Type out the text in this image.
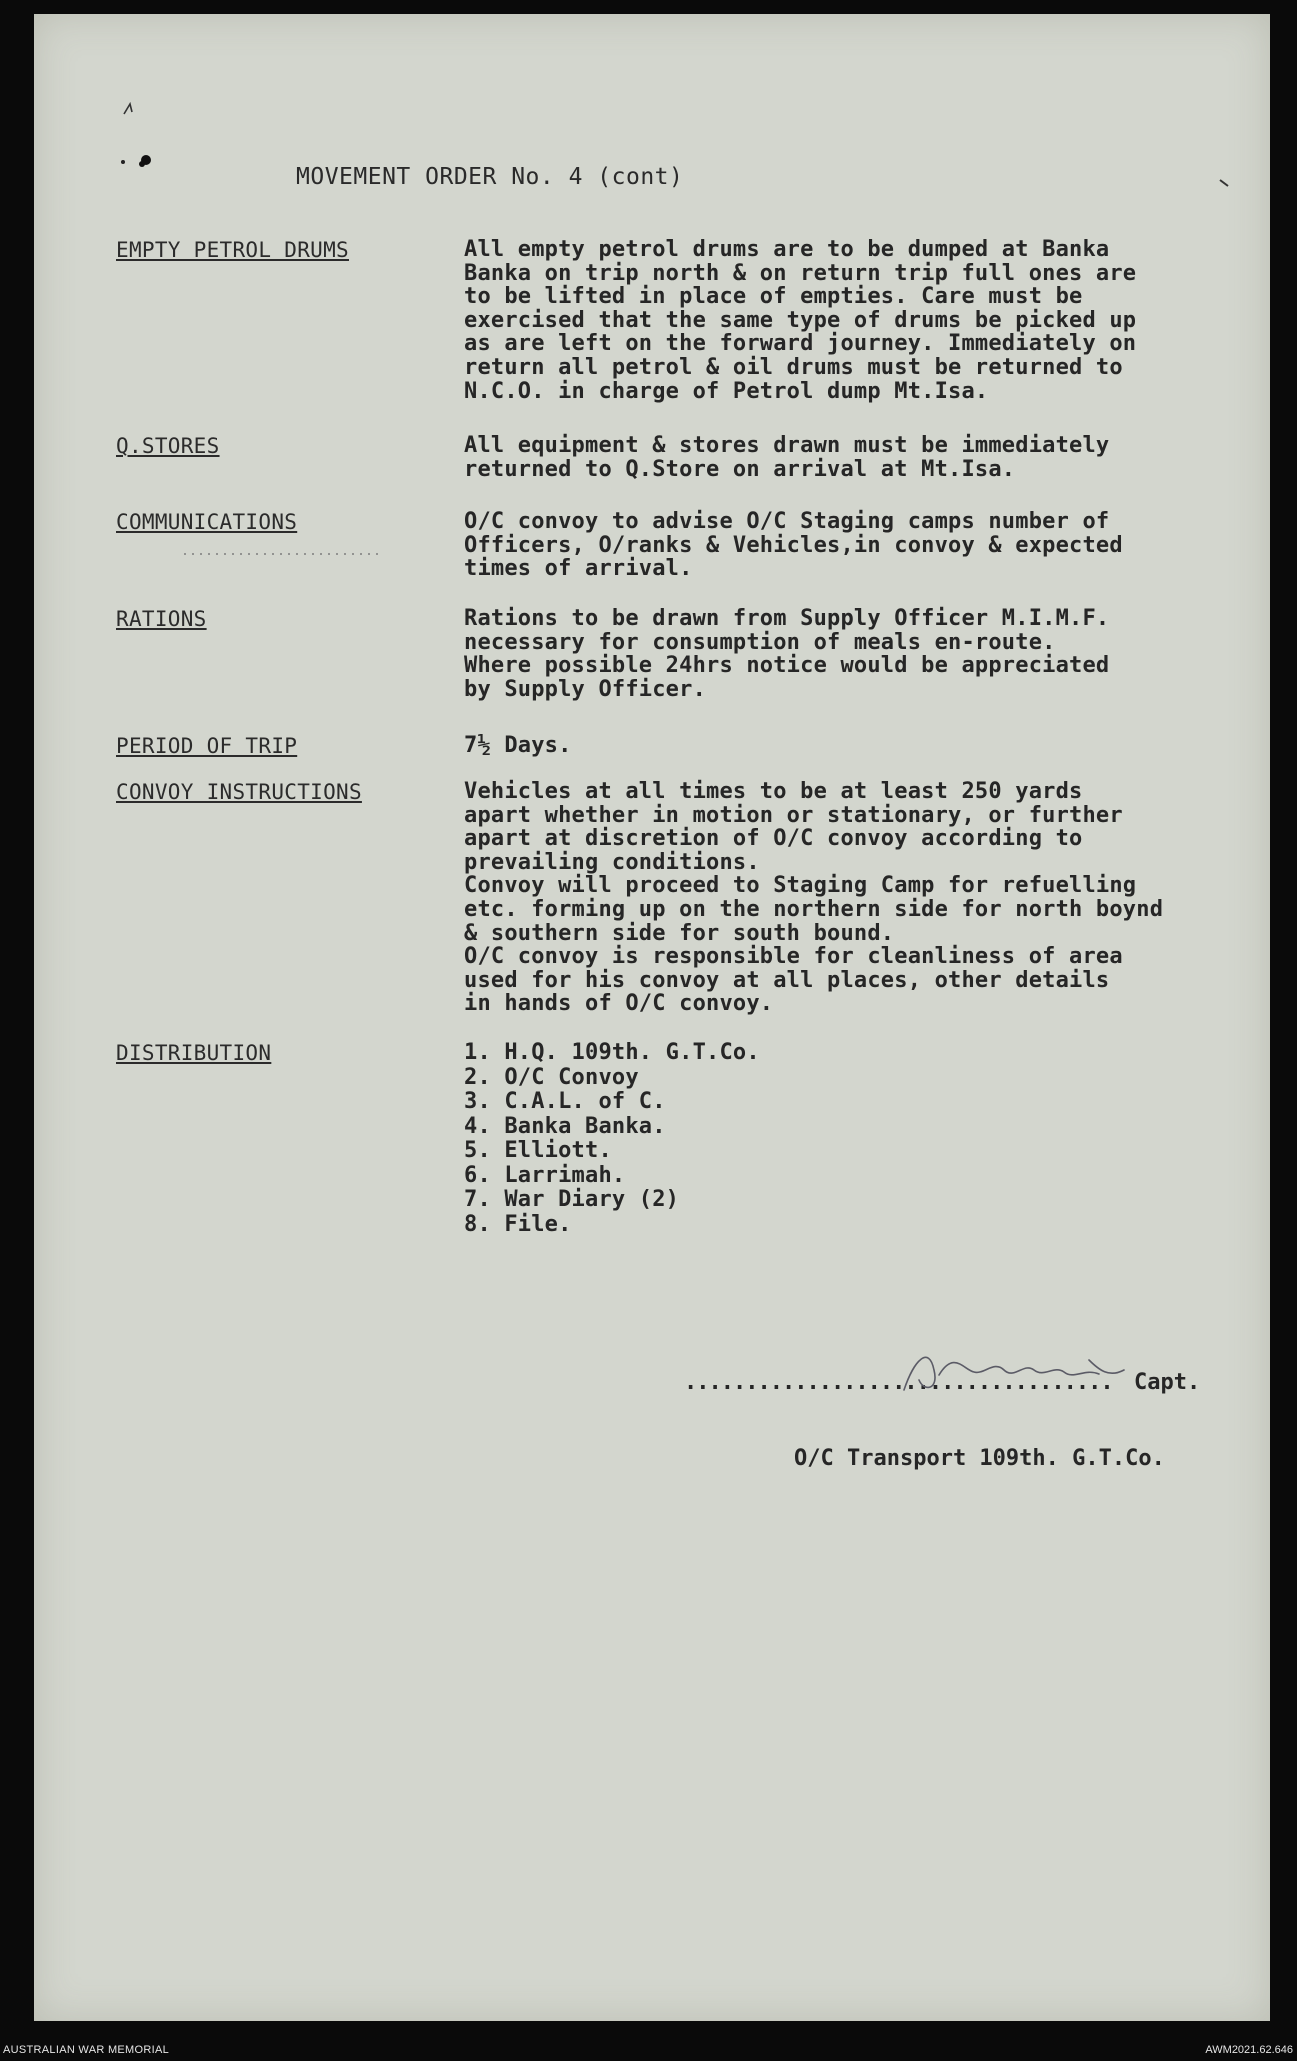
MOVEMENT ORDER No. 4 (cont)
EMPTY PETROL DRUMS	All empty petrol drums are to be dumped at Banka
Banka on trip north & on return trip full ones are
to be lifted in place of empties. Care must be
exercised that the same type of drums be picked up
as are left on the forward journey. Immediately on
return all petrol & oil drums must be returned to
N.C.O. in charge of Petrol dump Mt.Isa.
Q.STORES	All equipment & stores drawn must be immediately
returned to Q.Store on arrival at Mt.Isa.
COMMUNICATIONS	O/C convoy to advise O/C Staging camps number of
Officers, O/ranks & Vehicles,in convoy & expected
times of arrival.
RATIONS	Rations to be drawn from Supply Officer M.I.M.F.
necessary for consumption of meals en-route.
Where possible 24hrs notice would be appreciated
by Supply Officer.
PERIOD OF TRIP	7½ Days.
CONVOY INSTRUCTIONS	Vehicles at all times to be at least 250 yards
apart whether in motion or stationary, or further
apart at discretion of O/C convoy according to
prevailing conditions.
Convoy will proceed to Staging Camp for refuelling
etc. forming up on the northern side for north boynd
& southern side for south bound.
O/C convoy is responsible for cleanliness of area
used for his convoy at all places, other details
in hands of O/C convoy.
DISTRIBUTION	1. H.Q. 109th. G.T.Co.
2. O/C Convoy
3. C.A.L. of C.
4. Banka Banka.
5. Elliott.
6. Larrimah.
7. War Diary (2)
8. File.
................................... Capt.
O/C Transport 109th. G.T.Co.
AUSTRALIAN WAR MEMORIAL	AWM2021.62.646
